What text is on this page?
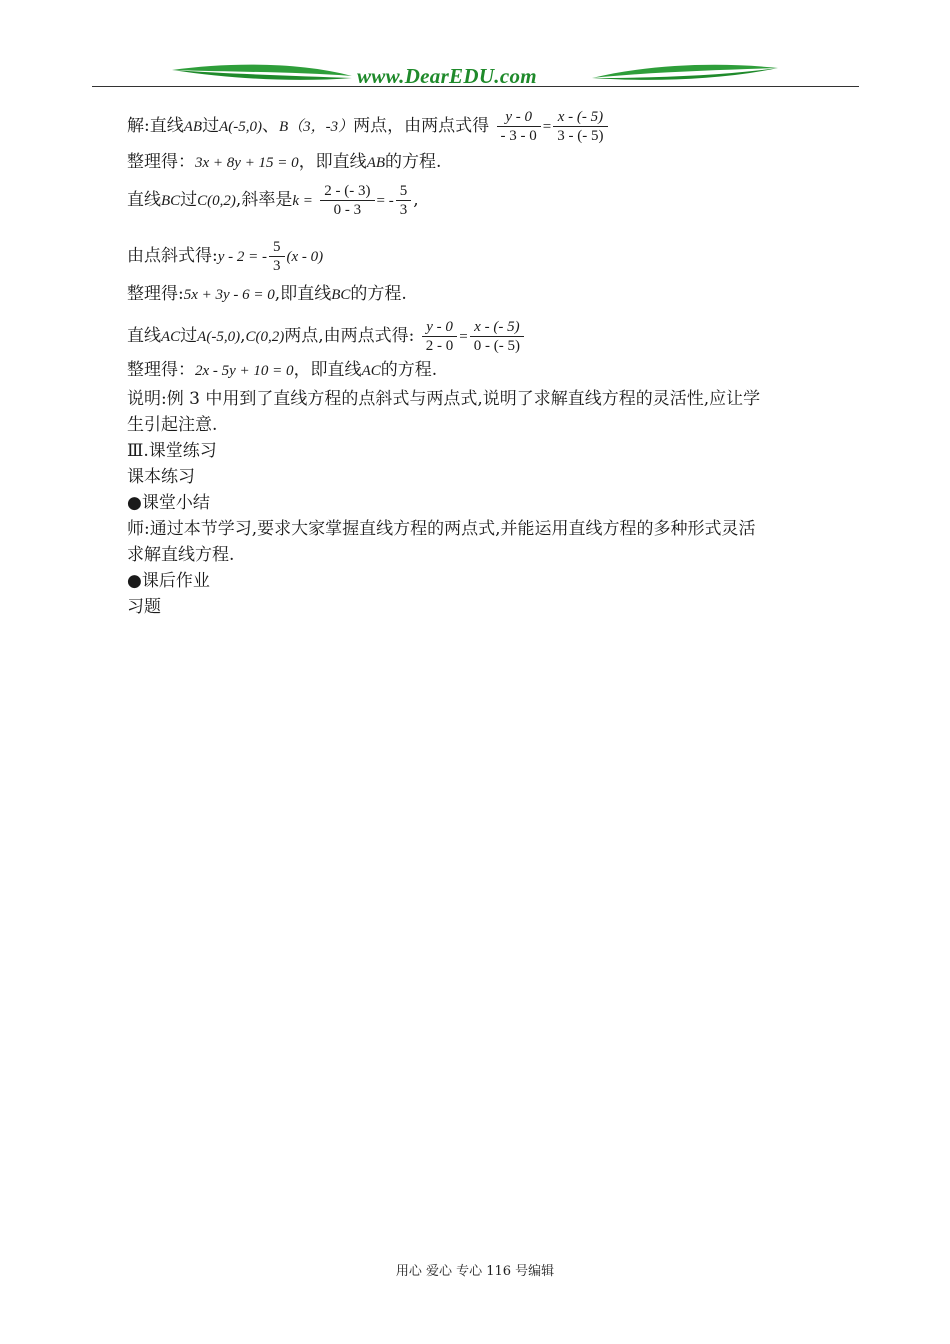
www.DearEDU.com
解:直线AB过A(-5,0)、B（3，-3）两点，由两点式得 $\frac{y - 0}{- 3 - 0} = \frac{x - (- 5)}{3 - (- 5)}$
整理得：3x + 8y + 15 = 0，即直线AB的方程.
直线BC过C(0,2),斜率是$k = \frac{2 - (- 3)}{0 - 3}$ = - $\frac{5}{3}$ ,
由点斜式得:y - 2 = - $\frac{5}{3} (x - 0)$
整理得:5x + 3y - 6 = 0,即直线BC的方程.
直线AC过A(-5,0),C(0,2)两点,由两点式得: $\frac{y - 0}{2 - 0} = \frac{x - (- 5)}{0 - (- 5)}$
整理得：2x - 5y + 10 = 0，即直线AC的方程.
说明:例 3 中用到了直线方程的点斜式与两点式,说明了求解直线方程的灵活性,应让学
生引起注意.
Ⅲ.课堂练习
课本练习
●课堂小结
师:通过本节学习,要求大家掌握直线方程的两点式,并能运用直线方程的多种形式灵活
求解直线方程.
●课后作业
习题
用心 爱心 专心 116 号编辑
